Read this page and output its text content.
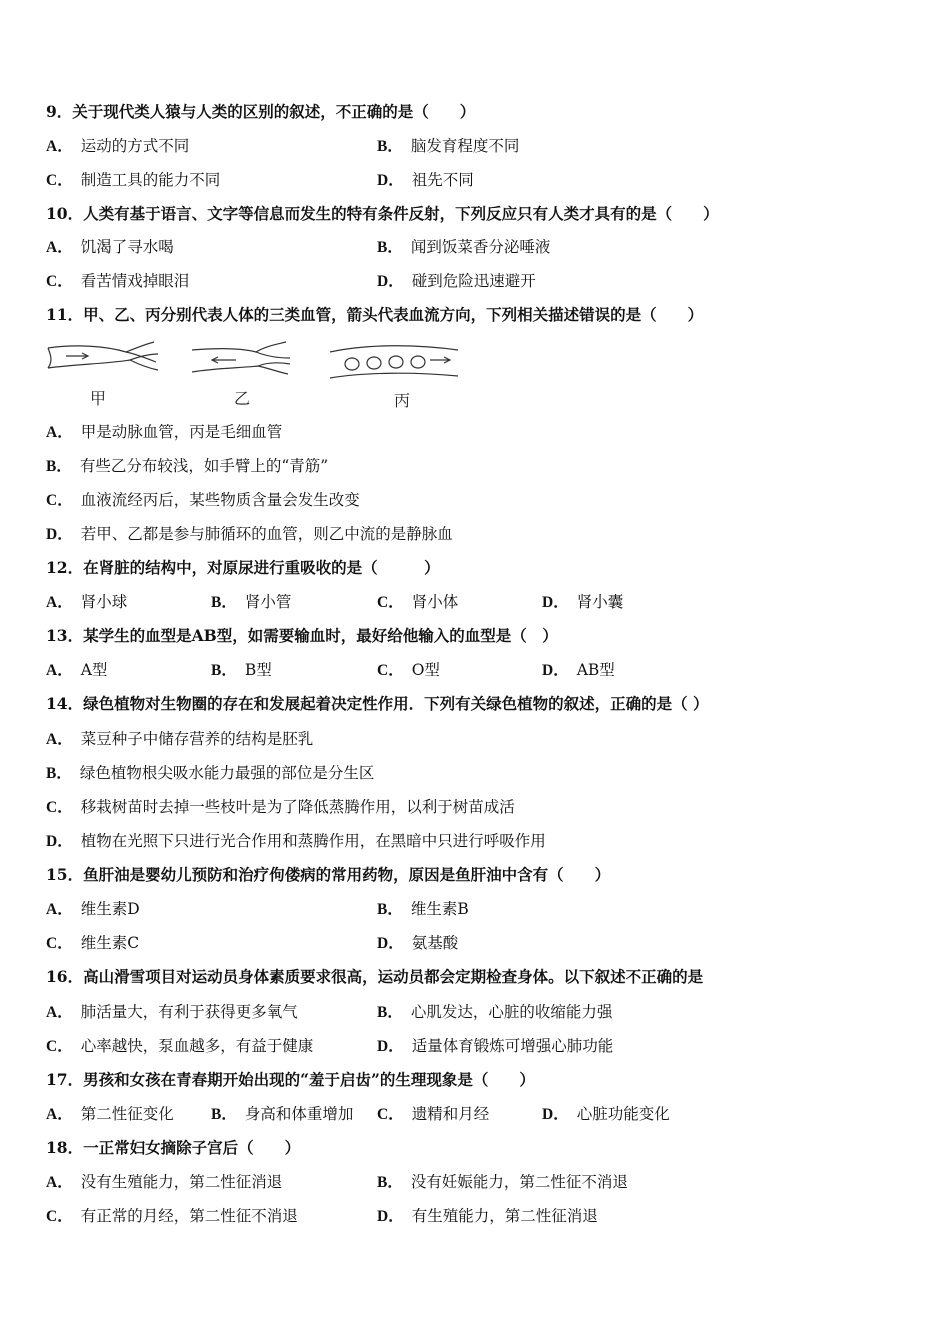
9．关于现代类人猿与人类的区别的叙述，不正确的是（　　）
A． 运动的方式不同	B． 脑发育程度不同
C． 制造工具的能力不同	D． 祖先不同
10．人类有基于语言、文字等信息而发生的特有条件反射，下列反应只有人类才具有的是（　　）
A． 饥渴了寻水喝	B． 闻到饭菜香分泌唾液
C． 看苦情戏掉眼泪	D． 碰到危险迅速避开
11．甲、乙、丙分别代表人体的三类血管，箭头代表血流方向，下列相关描述错误的是（　　）
甲	乙	丙
A． 甲是动脉血管，丙是毛细血管
B． 有些乙分布较浅，如手臂上的“青筋”
C． 血液流经丙后，某些物质含量会发生改变
D． 若甲、乙都是参与肺循环的血管，则乙中流的是静脉血
12．在肾脏的结构中，对原尿进行重吸收的是（　　　）
A． 肾小球	B． 肾小管	C． 肾小体	D． 肾小囊
13．某学生的血型是AB型，如需要输血时，最好给他输入的血型是（　）
A． A型	B． B型	C． O型	D． AB型
14．绿色植物对生物圈的存在和发展起着决定性作用．下列有关绿色植物的叙述，正确的是（ ）
A． 菜豆种子中储存营养的结构是胚乳
B． 绿色植物根尖吸水能力最强的部位是分生区
C． 移栽树苗时去掉一些枝叶是为了降低蒸腾作用，以利于树苗成活
D． 植物在光照下只进行光合作用和蒸腾作用，在黑暗中只进行呼吸作用
15．鱼肝油是婴幼儿预防和治疗佝偻病的常用药物，原因是鱼肝油中含有（　　）
A． 维生素D	B． 维生素B
C． 维生素C	D． 氨基酸
16．高山滑雪项目对运动员身体素质要求很高，运动员都会定期检查身体。以下叙述不正确的是
A． 肺活量大，有利于获得更多氧气	B． 心肌发达，心脏的收缩能力强
C． 心率越快，泵血越多，有益于健康	D． 适量体育锻炼可增强心肺功能
17．男孩和女孩在青春期开始出现的“羞于启齿”的生理现象是（　　）
A． 第二性征变化 B． 身高和体重增加 C． 遗精和月经	D． 心脏功能变化
18．一正常妇女摘除子宫后（　　）
A． 没有生殖能力，第二性征消退	B． 没有妊娠能力，第二性征不消退
C． 有正常的月经，第二性征不消退	D． 有生殖能力，第二性征消退
